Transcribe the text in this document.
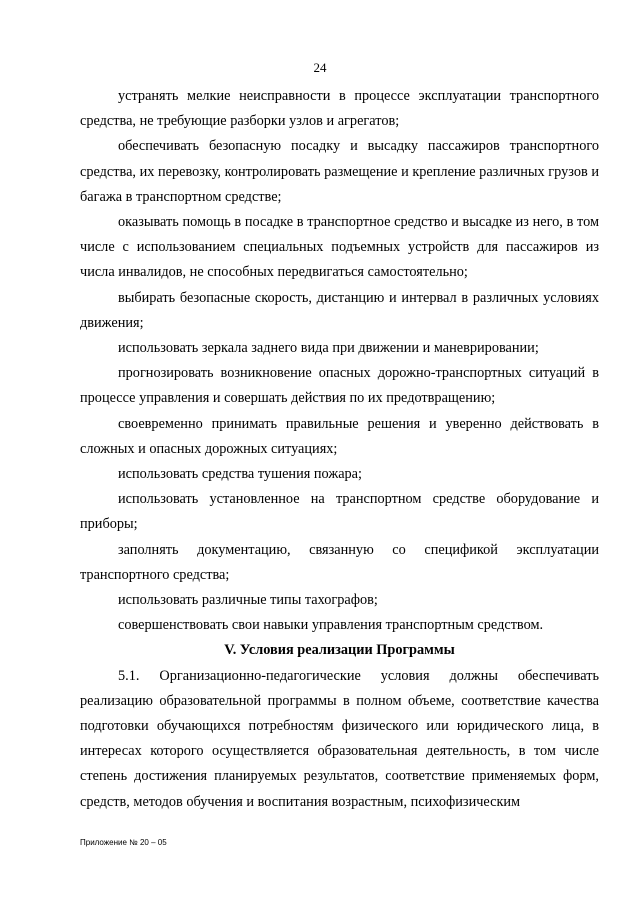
24

устранять мелкие неисправности в процессе эксплуатации транспортного средства, не требующие разборки узлов и агрегатов;

обеспечивать безопасную посадку и высадку пассажиров транспортного средства, их перевозку, контролировать размещение и крепление различных грузов и багажа в транспортном средстве;

оказывать помощь в посадке в транспортное средство и высадке из него, в том числе с использованием специальных подъемных устройств для пассажиров из числа инвалидов, не способных передвигаться самостоятельно;

выбирать безопасные скорость, дистанцию и интервал в различных условиях движения;

использовать зеркала заднего вида при движении и маневрировании;

прогнозировать возникновение опасных дорожно-транспортных ситуаций в процессе управления и совершать действия по их предотвращению;

своевременно принимать правильные решения и уверенно действовать в сложных и опасных дорожных ситуациях;

использовать средства тушения пожара;

использовать установленное на транспортном средстве оборудование и приборы;

заполнять документацию, связанную со спецификой эксплуатации транспортного средства;

использовать различные типы тахографов;

совершенствовать свои навыки управления транспортным средством.

V. Условия реализации Программы

5.1. Организационно-педагогические условия должны обеспечивать реализацию образовательной программы в полном объеме, соответствие качества подготовки обучающихся потребностям физического или юридического лица, в интересах которого осуществляется образовательная деятельность, в том числе степень достижения планируемых результатов, соответствие применяемых форм, средств, методов обучения и воспитания возрастным, психофизическим

Приложение № 20 – 05
